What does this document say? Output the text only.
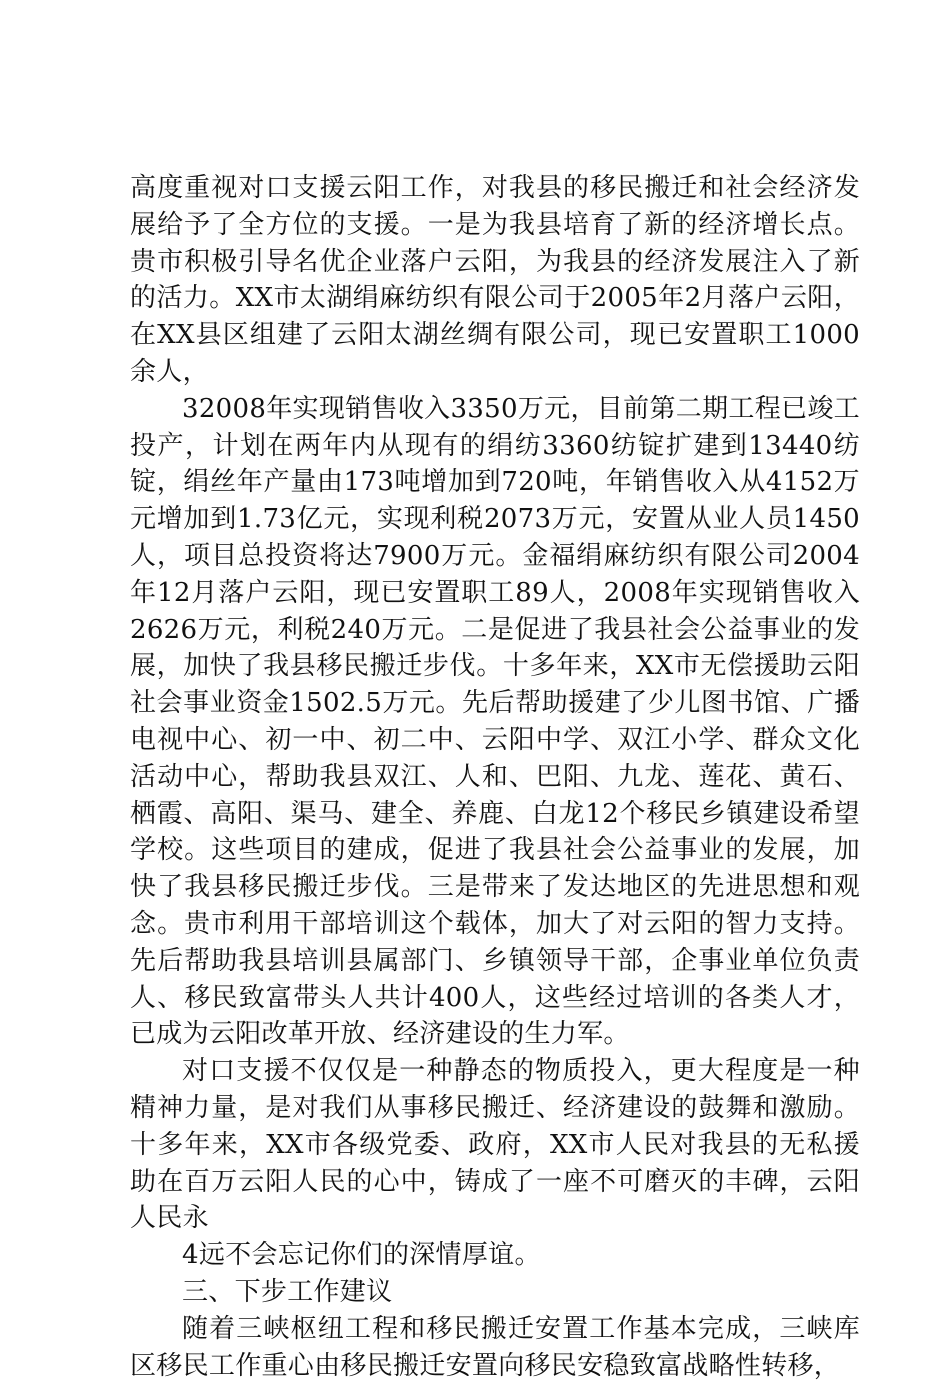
高度重视对口支援云阳工作，对我县的移民搬迁和社会经济发展给予了全方位的支援。一是为我县培育了新的经济增长点。贵市积极引导名优企业落户云阳，为我县的经济发展注入了新的活力。XX市太湖绢麻纺织有限公司于2005年2月落户云阳，在XX县区组建了云阳太湖丝绸有限公司，现已安置职工1000余人，

32008年实现销售收入3350万元，目前第二期工程已竣工投产，计划在两年内从现有的绢纺3360纺锭扩建到13440纺锭，绢丝年产量由173吨增加到720吨，年销售收入从4152万元增加到1.73亿元，实现利税2073万元，安置从业人员1450人，项目总投资将达7900万元。金福绢麻纺织有限公司2004年12月落户云阳，现已安置职工89人，2008年实现销售收入2626万元，利税240万元。二是促进了我县社会公益事业的发展，加快了我县移民搬迁步伐。十多年来，XX市无偿援助云阳社会事业资金1502.5万元。先后帮助援建了少儿图书馆、广播电视中心、初一中、初二中、云阳中学、双江小学、群众文化活动中心，帮助我县双江、人和、巴阳、九龙、莲花、黄石、栖霞、高阳、渠马、建全、养鹿、白龙12个移民乡镇建设希望学校。这些项目的建成，促进了我县社会公益事业的发展，加快了我县移民搬迁步伐。三是带来了发达地区的先进思想和观念。贵市利用干部培训这个载体，加大了对云阳的智力支持。先后帮助我县培训县属部门、乡镇领导干部，企事业单位负责人、移民致富带头人共计400人，这些经过培训的各类人才，已成为云阳改革开放、经济建设的生力军。

对口支援不仅仅是一种静态的物质投入，更大程度是一种精神力量，是对我们从事移民搬迁、经济建设的鼓舞和激励。十多年来，XX市各级党委、政府，XX市人民对我县的无私援助在百万云阳人民的心中，铸成了一座不可磨灭的丰碑，云阳人民永

4远不会忘记你们的深情厚谊。

三、下步工作建议

随着三峡枢纽工程和移民搬迁安置工作基本完成，三峡库区移民工作重心由移民搬迁安置向移民安稳致富战略性转移，
